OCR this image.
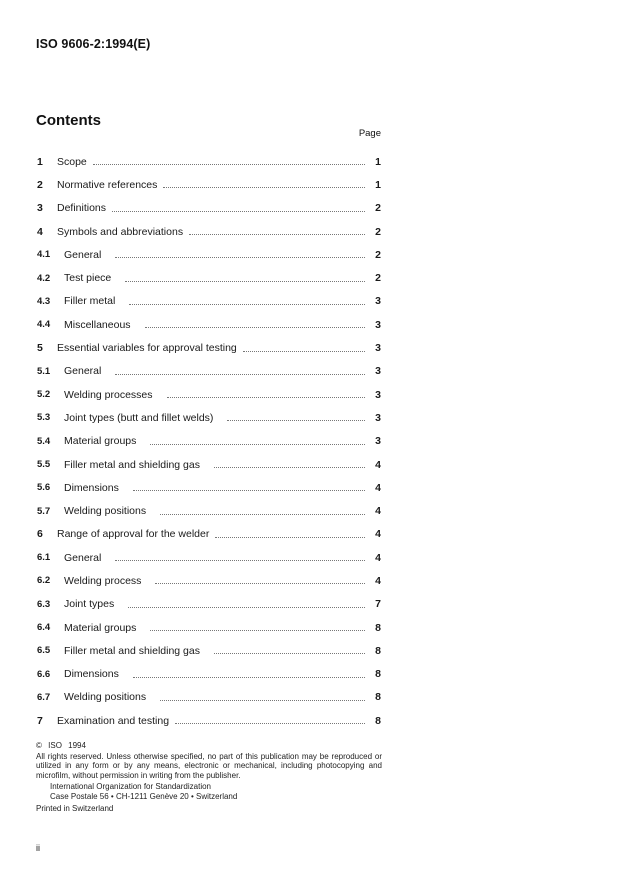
ISO 9606-2:1994(E)
Contents
Page
1	Scope	1
2	Normative references	1
3	Definitions	2
4	Symbols and abbreviations	2
4.1	General	2
4.2	Test piece	2
4.3	Filler metal	3
4.4	Miscellaneous	3
5	Essential variables for approval testing	3
5.1	General	3
5.2	Welding processes	3
5.3	Joint types (butt and fillet welds)	3
5.4	Material groups	3
5.5	Filler metal and shielding gas	4
5.6	Dimensions	4
5.7	Welding positions	4
6	Range of approval for the welder	4
6.1	General	4
6.2	Welding process	4
6.3	Joint types	7
6.4	Material groups	8
6.5	Filler metal and shielding gas	8
6.6	Dimensions	8
6.7	Welding positions	8
7	Examination and testing	8
© ISO 1994
All rights reserved. Unless otherwise specified, no part of this publication may be reproduced or utilized in any form or by any means, electronic or mechanical, including photocopying and microfilm, without permission in writing from the publisher.
International Organization for Standardization
Case Postale 56 • CH-1211 Genève 20 • Switzerland
Printed in Switzerland
ii
